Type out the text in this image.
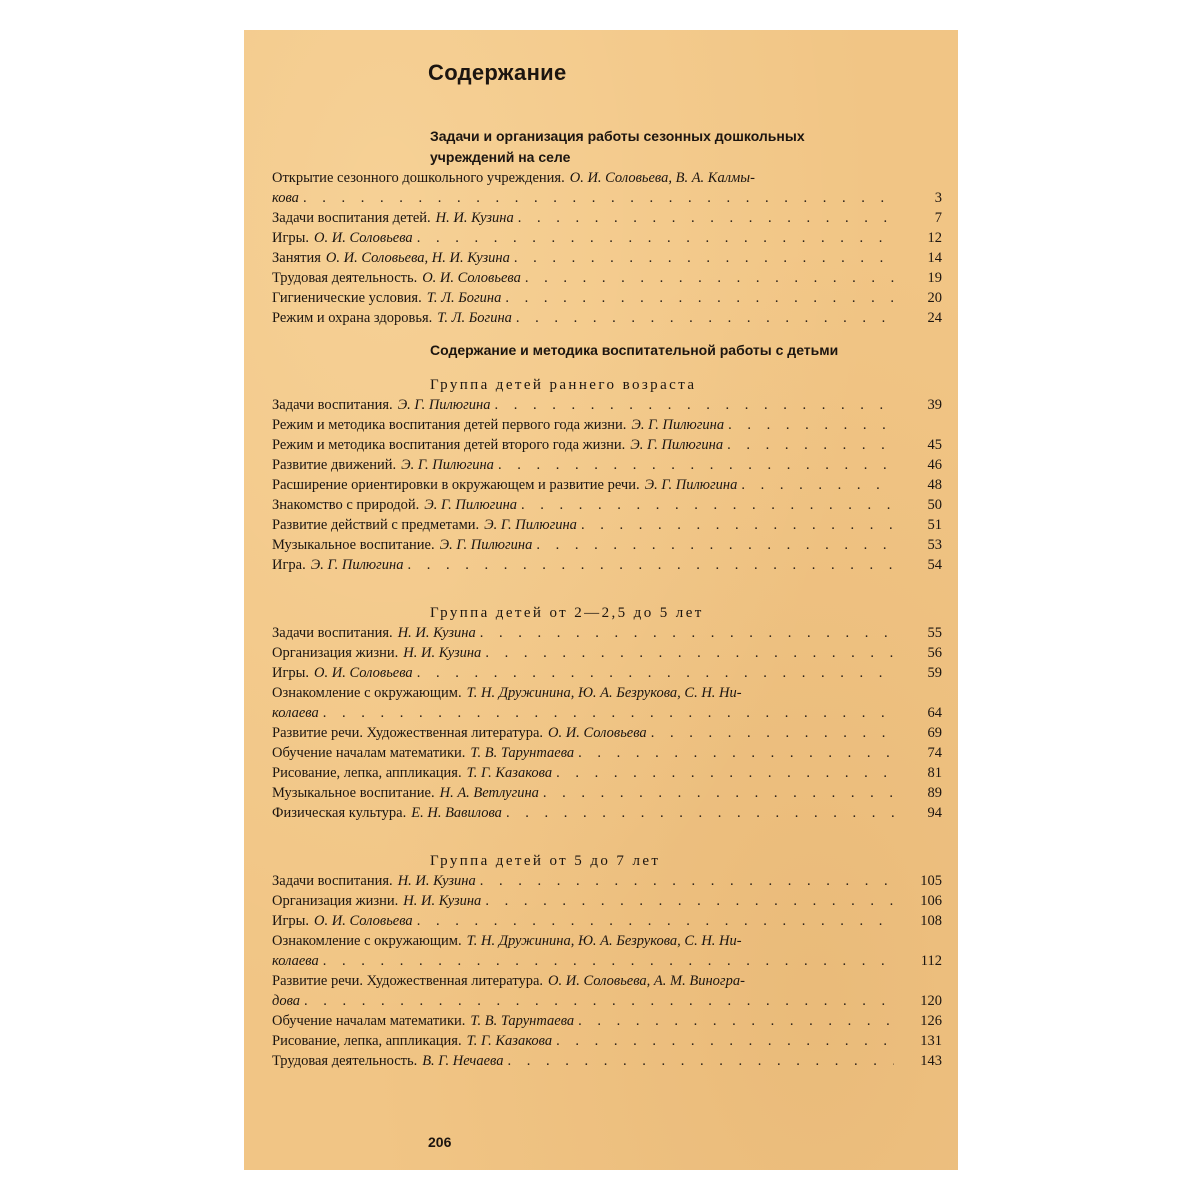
Содержание
Задачи и организация работы сезонных дошкольных
учреждений на селе
Открытие сезонного дошкольного учреждения. О. И. Соловьева, В. А. Калмы-
кова . . .	3
Задачи воспитания детей. Н. И. Кузина . . .	7
Игры. О. И. Соловьева . . .	12
Занятия О. И. Соловьева, Н. И. Кузина . . .	14
Трудовая деятельность. О. И. Соловьева . . .	19
Гигиенические условия. Т. Л. Богина . . .	20
Режим и охрана здоровья. Т. Л. Богина . . .	24
Содержание и методика воспитательной работы с детьми
Группа детей раннего возраста
Задачи воспитания. Э. Г. Пилюгина . . .	39
Режим и методика воспитания детей первого года жизни. Э. Г. Пилюгина
. . .
Режим и методика воспитания детей второго года жизни. Э. Г. Пилюгина . . .	45
Развитие движений. Э. Г. Пилюгина . . .	46
Расширение ориентировки в окружающем и развитие речи. Э. Г. Пилюгина . . .	48
Знакомство с природой. Э. Г. Пилюгина . . .	50
Развитие действий с предметами. Э. Г. Пилюгина . . .	51
Музыкальное воспитание. Э. Г. Пилюгина . . .	53
Игра. Э. Г. Пилюгина . . .	54
Группа детей от 2—2,5 до 5 лет
Задачи воспитания. Н. И. Кузина . . .	55
Организация жизни. Н. И. Кузина . . .	56
Игры. О. И. Соловьева . . .	59
Ознакомление с окружающим. Т. Н. Дружинина, Ю. А. Безрукова, С. Н. Ни-
колаева . . .	64
Развитие речи. Художественная литература. О. И. Соловьева . . .	69
Обучение началам математики. Т. В. Тарунтаева . . .	74
Рисование, лепка, аппликация. Т. Г. Казакова . . .	81
Музыкальное воспитание. Н. А. Ветлугина . . .	89
Физическая культура. Е. Н. Вавилова . . .	94
Группа детей от 5 до 7 лет
Задачи воспитания. Н. И. Кузина . . .	105
Организация жизни. Н. И. Кузина . . .	106
Игры. О. И. Соловьева . . .	108
Ознакомление с окружающим. Т. Н. Дружинина, Ю. А. Безрукова, С. Н. Ни-
колаева . . .	112
Развитие речи. Художественная литература. О. И. Соловьева, А. М. Виногра-
дова . . .	120
Обучение началам математики. Т. В. Тарунтаева . . .	126
Рисование, лепка, аппликация. Т. Г. Казакова . . .	131
Трудовая деятельность. В. Г. Нечаева . . .	143
206
